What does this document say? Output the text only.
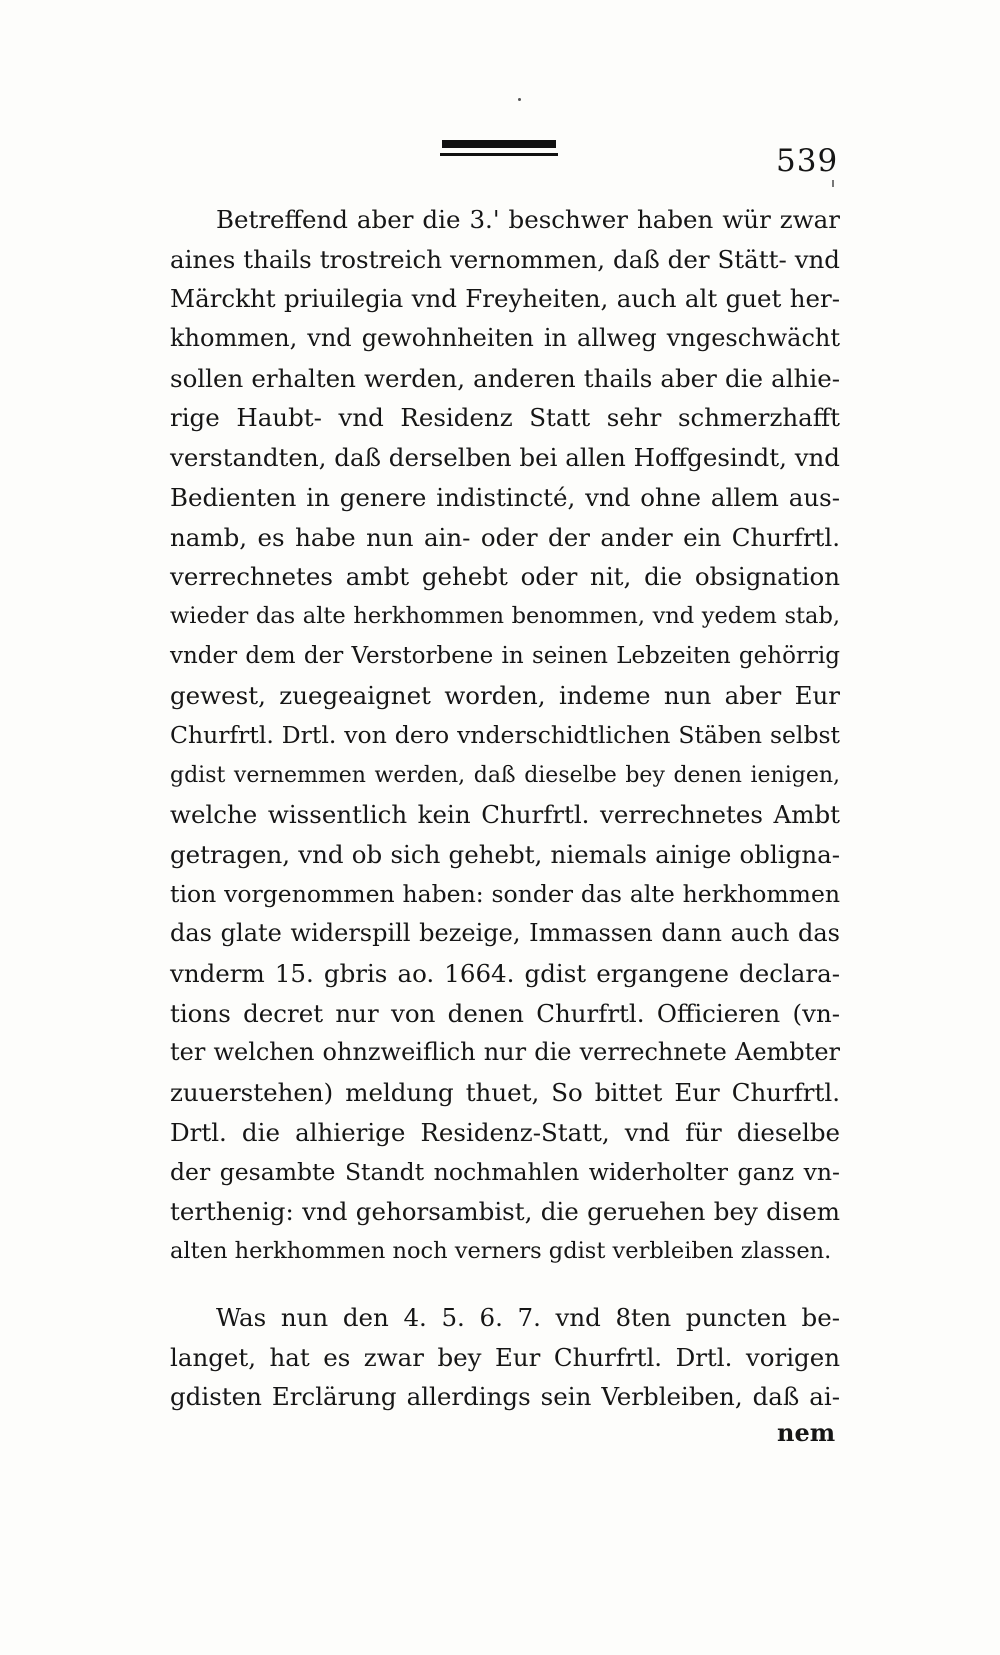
539
Betreffend aber die 3.' beschwer haben wür zwar
aines thails trostreich vernommen, daß der Stätt- vnd
Märckht priuilegia vnd Freyheiten, auch alt guet her-
khommen, vnd gewohnheiten in allweg vngeschwächt
sollen erhalten werden, anderen thails aber die alhie-
rige Haubt- vnd Residenz Statt sehr schmerzhafft
verstandten, daß derselben bei allen Hoffgesindt, vnd
Bedienten in genere indistincté, vnd ohne allem aus-
namb, es habe nun ain- oder der ander ein Churfrtl.
verrechnetes ambt gehebt oder nit, die obsignation
wieder das alte herkhommen benommen, vnd yedem stab,
vnder dem der Verstorbene in seinen Lebzeiten gehörrig
gewest, zuegeaignet worden, indeme nun aber Eur
Churfrtl. Drtl. von dero vnderschidtlichen Stäben selbst
gdist vernemmen werden, daß dieselbe bey denen ienigen,
welche wissentlich kein Churfrtl. verrechnetes Ambt
getragen, vnd ob sich gehebt, niemals ainige obligna-
tion vorgenommen haben: sonder das alte herkhommen
das glate widerspill bezeige, Immassen dann auch das
vnderm 15. gbris ao. 1664. gdist ergangene declara-
tions decret nur von denen Churfrtl. Officieren (vn-
ter welchen ohnzweiflich nur die verrechnete Aembter
zuuerstehen) meldung thuet, So bittet Eur Churfrtl.
Drtl. die alhierige Residenz-Statt, vnd für dieselbe
der gesambte Standt nochmahlen widerholter ganz vn-
terthenig: vnd gehorsambist, die geruehen bey disem
alten herkhommen noch verners gdist verbleiben zlassen.
Was nun den 4. 5. 6. 7. vnd 8ten puncten be-
langet, hat es zwar bey Eur Churfrtl. Drtl. vorigen
gdisten Erclärung allerdings sein Verbleiben, daß ai-
nem
